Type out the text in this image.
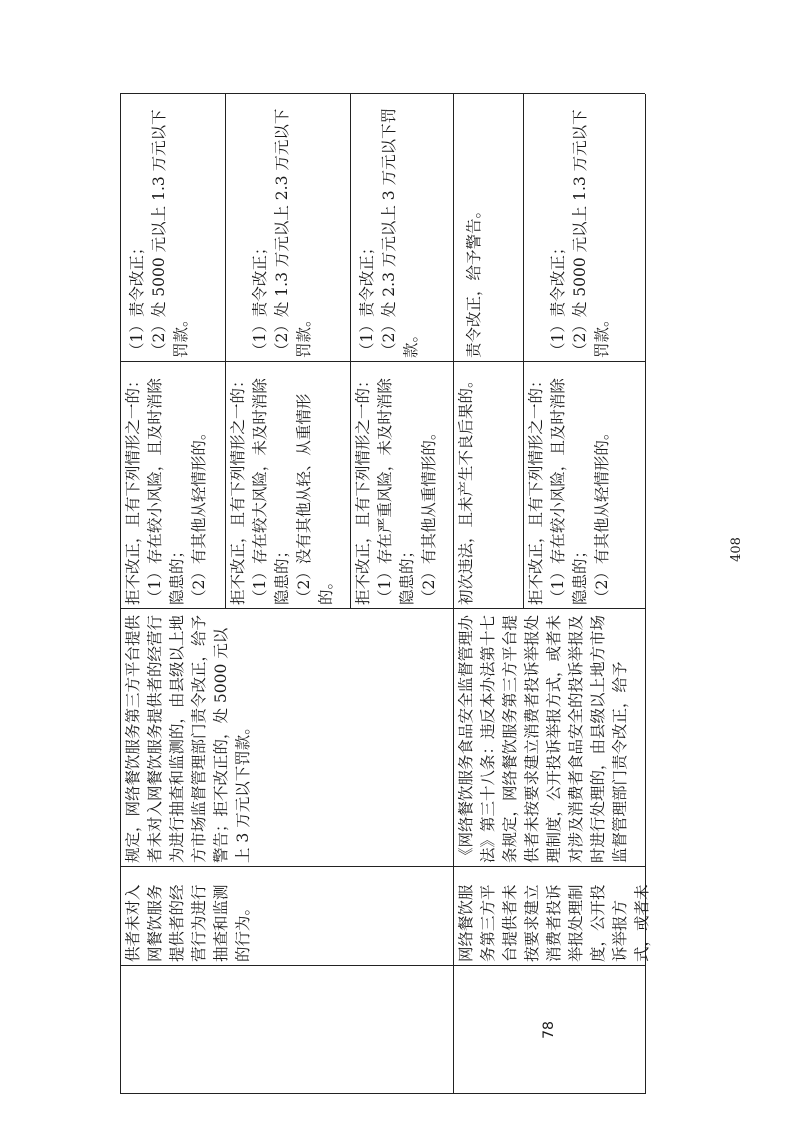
供者未对入网餐饮服务提供者的经营行为进行抽查和监测的行为。
规定，网络餐饮服务第三方平台提供者未对入网餐饮服务提供者的经营行为进行抽查和监测的，由县级以上地方市场监督管理部门责令改正，给予警告；拒不改正的，处 5000 元以上 3 万元以下罚款。
拒不改正，且有下列情形之一的：
（1）存在较小风险，且及时消除隐患的；
（2）有其他从轻情形的。
（1）责令改正；
（2）处 5000 元以上 1.3 万元以下罚款。
拒不改正，且有下列情形之一的：
（1）存在较大风险，未及时消除隐患的；
（2）没有其他从轻、从重情形的。
（1）责令改正；
（2）处 1.3 万元以上 2.3 万元以下罚款。
拒不改正，且有下列情形之一的：
（1）存在严重风险，未及时消除隐患的；
（2）有其他从重情形的。
（1）责令改正；
（2）处 2.3 万元以上 3 万元以下罚款。
78
网络餐饮服务第三方平台提供者未按要求建立消费者投诉举报处理制度，公开投诉举报方式，或者未
《网络餐饮服务食品安全监督管理办法》第三十八条：违反本办法第十七条规定，网络餐饮服务第三方平台提供者未按要求建立消费者投诉举报处理制度，公开投诉举报方式，或者未对涉及消费者食品安全的投诉举报及时进行处理的，由县级以上地方市场监督管理部门责令改正，给予
初次违法，且未产生不良后果的。
责令改正，给予警告。
拒不改正，且有下列情形之一的：
（1）存在较小风险，且及时消除隐患的；
（2）有其他从轻情形的。
（1）责令改正；
（2）处 5000 元以上 1.3 万元以下罚款。
408
